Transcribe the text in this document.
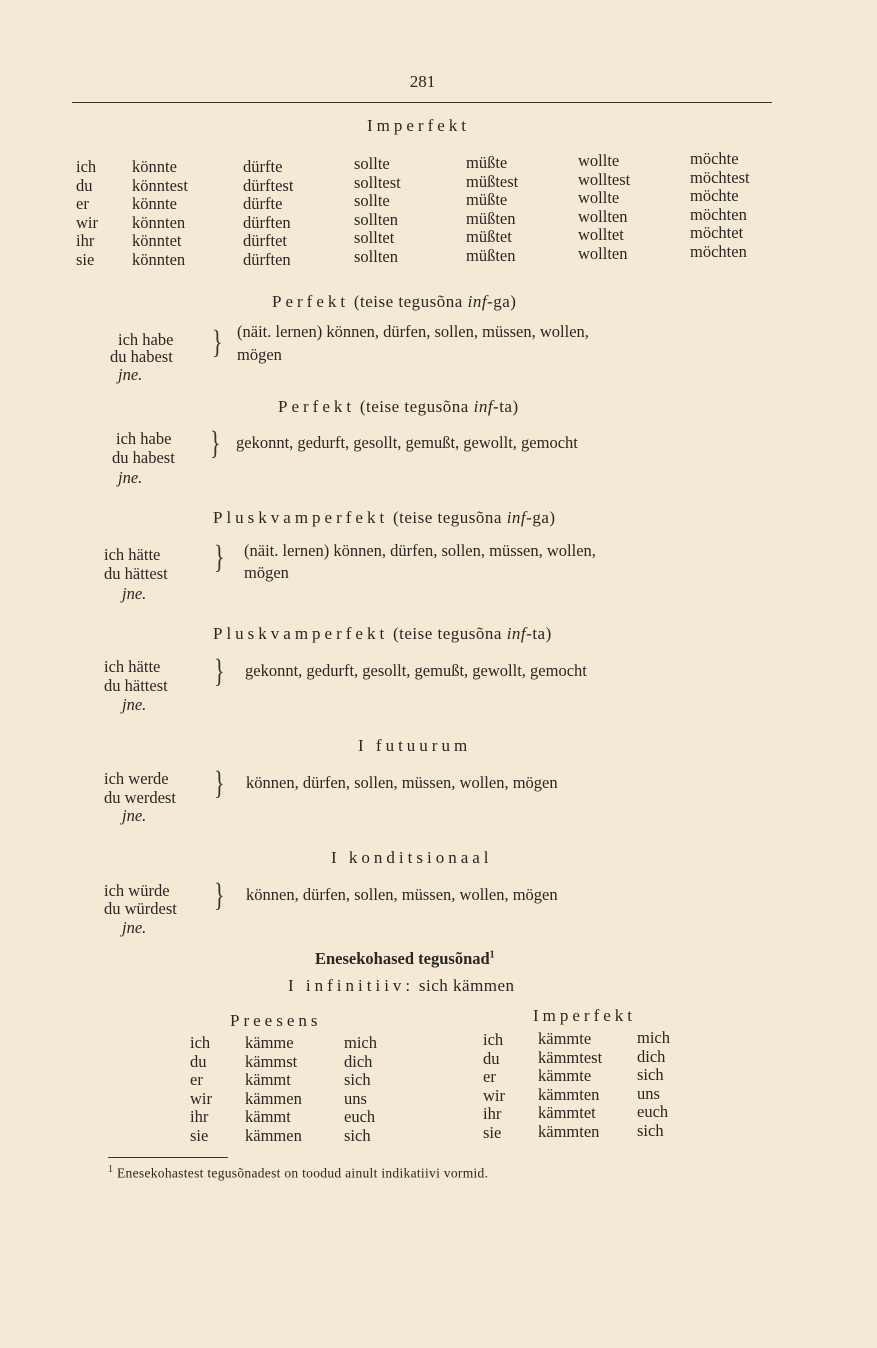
281
Imperfekt
ich
du
er
wir
ihr
sie
könnte
könntest
könnte
könnten
könntet
könnten
dürfte
dürftest
dürfte
dürften
dürftet
dürften
sollte
solltest
sollte
sollten
solltet
sollten
müßte
müßtest
müßte
müßten
müßtet
müßten
wollte
wolltest
wollte
wollten
wolltet
wollten
möchte
möchtest
möchte
möchten
möchtet
möchten
Perfekt (teise tegusõna inf-ga)
ich habe
du habest
jne.
} (näit. lernen) können, dürfen, sollen, müssen, wollen,
mögen
Perfekt (teise tegusõna inf-ta)
ich habe
du habest
jne.
} gekonnt, gedurft, gesollt, gemußt, gewollt, gemocht
Pluskvamperfekt (teise tegusõna inf-ga)
ich hätte
du hättest
jne.
} (näit. lernen) können, dürfen, sollen, müssen, wollen,
mögen
Pluskvamperfekt (teise tegusõna inf-ta)
ich hätte
du hättest
jne.
} gekonnt, gedurft, gesollt, gemußt, gewollt, gemocht
I futuurum
ich werde
du werdest
jne.
} können, dürfen, sollen, müssen, wollen, mögen
I konditsionaal
ich würde
du würdest
jne.
} können, dürfen, sollen, müssen, wollen, mögen
Enesekohased tegusõnad$^1$
I infinitiiv: sich kämmen
Preesens
ich
du
er
wir
ihr
sie
kämme
kämmst
kämmt
kämmen
kämmt
kämmen
mich
dich
sich
uns
euch
sich
Imperfekt
ich
du
er
wir
ihr
sie
kämmte
kämmtest
kämmte
kämmten
kämmtet
kämmten
mich
dich
sich
uns
euch
sich
$^1$ Enesekohastest tegusõnadest on toodud ainult indikatiivi vormid.
